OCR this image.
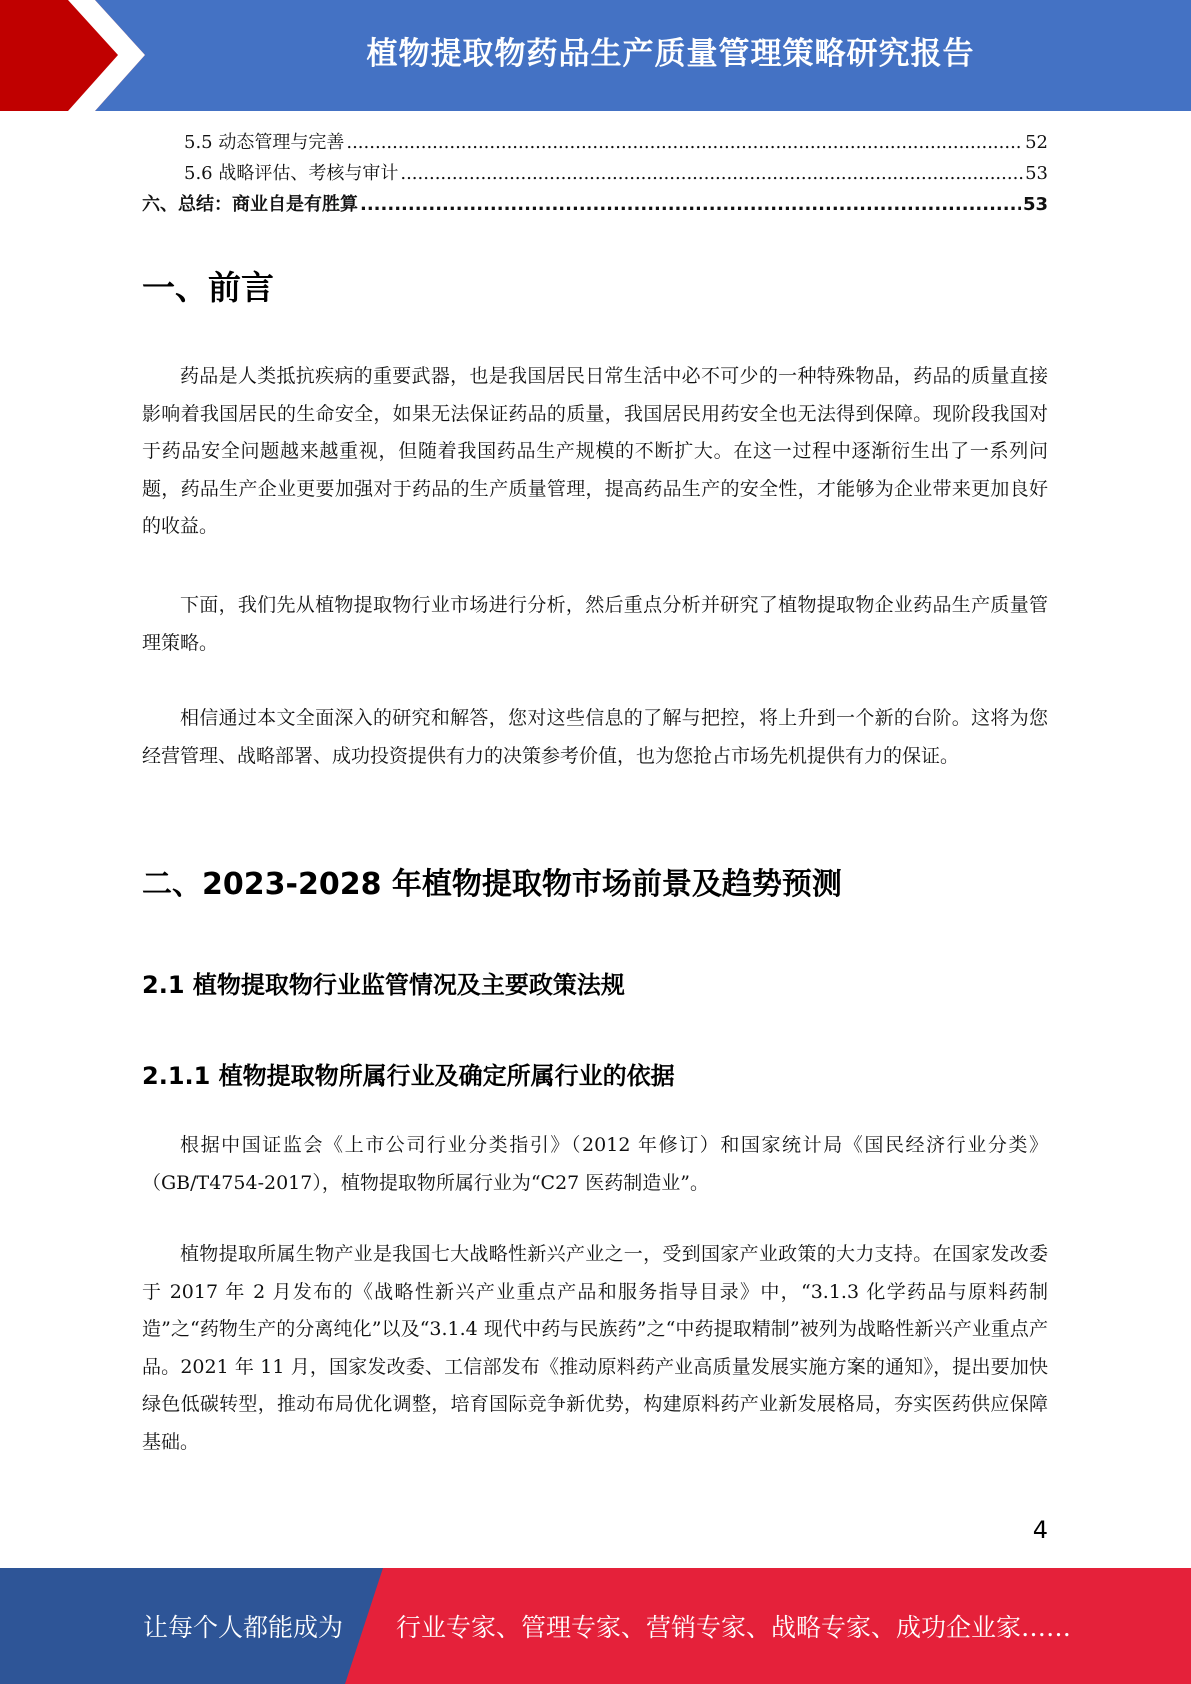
植物提取物药品生产质量管理策略研究报告
5.5 动态管理与完善 .....	52
5.6 战略评估、考核与审计 .....	53
六、总结：商业自是有胜算 .....	53
一、前言

药品是人类抵抗疾病的重要武器，也是我国居民日常生活中必不可少的一种特殊物品，药品的质量直接影响着我国居民的生命安全，如果无法保证药品的质量，我国居民用药安全也无法得到保障。现阶段我国对于药品安全问题越来越重视，但随着我国药品生产规模的不断扩大。在这一过程中逐渐衍生出了一系列问题，药品生产企业更要加强对于药品的生产质量管理，提高药品生产的安全性，才能够为企业带来更加良好的收益。

下面，我们先从植物提取物行业市场进行分析，然后重点分析并研究了植物提取物企业药品生产质量管理策略。

相信通过本文全面深入的研究和解答，您对这些信息的了解与把控，将上升到一个新的台阶。这将为您经营管理、战略部署、成功投资提供有力的决策参考价值，也为您抢占市场先机提供有力的保证。

二、2023-2028 年植物提取物市场前景及趋势预测
2.1 植物提取物行业监管情况及主要政策法规
2.1.1 植物提取物所属行业及确定所属行业的依据

根据中国证监会《上市公司行业分类指引》（2012 年修订）和国家统计局《国民经济行业分类》（GB/T4754-2017），植物提取物所属行业为“C27 医药制造业”。

植物提取所属生物产业是我国七大战略性新兴产业之一，受到国家产业政策的大力支持。在国家发改委于 2017 年 2 月发布的《战略性新兴产业重点产品和服务指导目录》中，“3.1.3 化学药品与原料药制造”之“药物生产的分离纯化”以及“3.1.4 现代中药与民族药”之“中药提取精制”被列为战略性新兴产业重点产品。2021 年 11 月，国家发改委、工信部发布《推动原料药产业高质量发展实施方案的通知》，提出要加快绿色低碳转型，推动布局优化调整，培育国际竞争新优势，构建原料药产业新发展格局，夯实医药供应保障基础。

4
让每个人都能成为 行业专家、管理专家、营销专家、战略专家、成功企业家……
